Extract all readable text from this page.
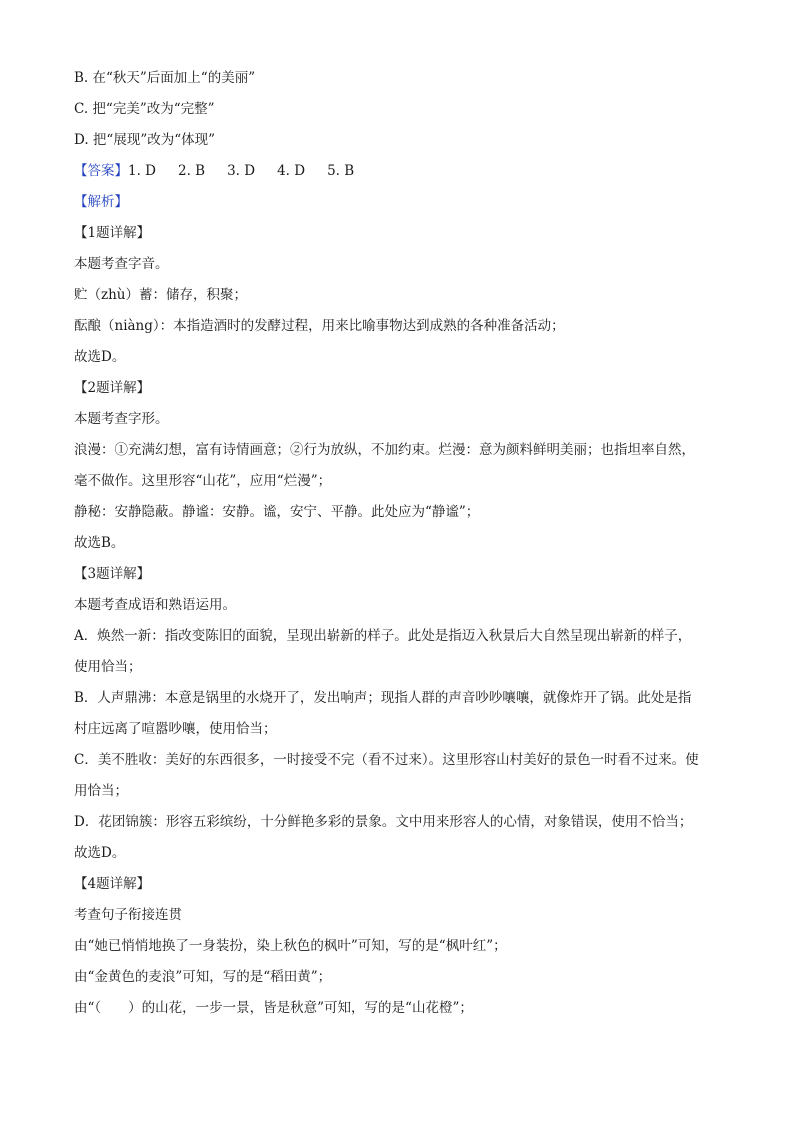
B. 在“秋天”后面加上“的美丽”

C. 把“完美”改为“完整”

D. 把“展现”改为“体现”

【答案】1. D 2. B 3. D 4. D 5. B

【解析】

【1题详解】

本题考查字音。

贮（zhù）蓄：储存，积聚；

酝酿（niàng）：本指造酒时的发酵过程，用来比喻事物达到成熟的各种准备活动；

故选D。

【2题详解】

本题考查字形。

浪漫：①充满幻想，富有诗情画意；②行为放纵，不加约束。烂漫：意为颜料鲜明美丽；也指坦率自然，

毫不做作。这里形容“山花”，应用“烂漫”；

静秘：安静隐蔽。静谧：安静。谧，安宁、平静。此处应为“静谧”；

故选B。

【3题详解】

本题考查成语和熟语运用。

A．焕然一新：指改变陈旧的面貌，呈现出崭新的样子。此处是指迈入秋景后大自然呈现出崭新的样子，

使用恰当；

B．人声鼎沸：本意是锅里的水烧开了，发出响声；现指人群的声音吵吵嚷嚷，就像炸开了锅。此处是指

村庄远离了喧嚣吵嚷，使用恰当；

C．美不胜收：美好的东西很多，一时接受不完（看不过来）。这里形容山村美好的景色一时看不过来。使

用恰当；

D．花团锦簇：形容五彩缤纷，十分鲜艳多彩的景象。文中用来形容人的心情，对象错误，使用不恰当；

故选D。

【4题详解】

考查句子衔接连贯

由“她已悄悄地换了一身装扮，染上秋色的枫叶”可知，写的是“枫叶红”；

由“金黄色的麦浪”可知，写的是“稻田黄”；

由“（　　）的山花，一步一景，皆是秋意”可知，写的是“山花橙”；
